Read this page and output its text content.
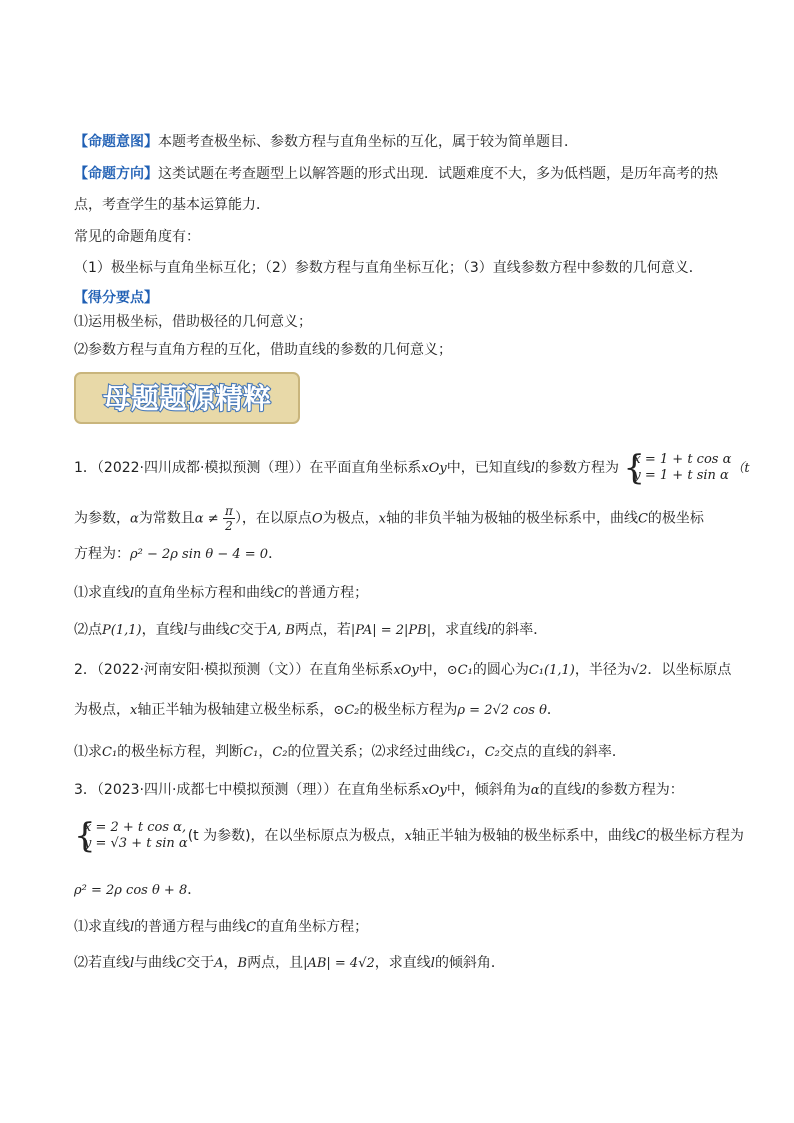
【命题意图】本题考查极坐标、参数方程与直角坐标的互化，属于较为简单题目．
【命题方向】这类试题在考查题型上以解答题的形式出现．试题难度不大，多为低档题，是历年高考的热
点，考查学生的基本运算能力．
常见的命题角度有：
（1）极坐标与直角坐标互化；（2）参数方程与直角坐标互化；（3）直线参数方程中参数的几何意义．
【得分要点】
⑴运用极坐标，借助极径的几何意义；
⑵参数方程与直角方程的互化，借助直线的参数的几何意义；
母题题源精粹
1．（2022·四川成都·模拟预测（理））在平面直角坐标系xOy中，已知直线l的参数方程为 {
x = 1 + t cos α
y = 1 + t sin α （t
为参数，α为常数且$\alpha \ne \frac{\pi}{2}$ ），在以原点O为极点，x轴的非负半轴为极轴的极坐标系中，曲线C的极坐标
方程为：ρ² − 2ρ sin θ − 4 = 0．
⑴求直线l的直角坐标方程和曲线C的普通方程；
⑵点P(1,1)，直线l与曲线C交于A, B两点，若|PA| = 2|PB|，求直线l的斜率．
2．（2022·河南安阳·模拟预测（文））在直角坐标系xOy中，⊙C₁的圆心为C₁(1,1)，半径为√2．以坐标原点
为极点，x轴正半轴为极轴建立极坐标系，⊙C₂的极坐标方程为ρ = 2√2 cos θ．
⑴求C₁的极坐标方程，判断C₁，C₂的位置关系；⑵求经过曲线C₁，C₂交点的直线的斜率．
3．（2023·四川·成都七中模拟预测（理））在直角坐标系xOy中，倾斜角为α的直线l的参数方程为：
{
x = 2 + t cos α,
y = √3 + t sin α (t 为参数)，在以坐标原点为极点，x轴正半轴为极轴的极坐标系中，曲线C的极坐标方程为
ρ² = 2ρ cos θ + 8．
⑴求直线l的普通方程与曲线C的直角坐标方程；
⑵若直线l与曲线C交于A，B两点，且|AB| = 4√2，求直线l的倾斜角．
